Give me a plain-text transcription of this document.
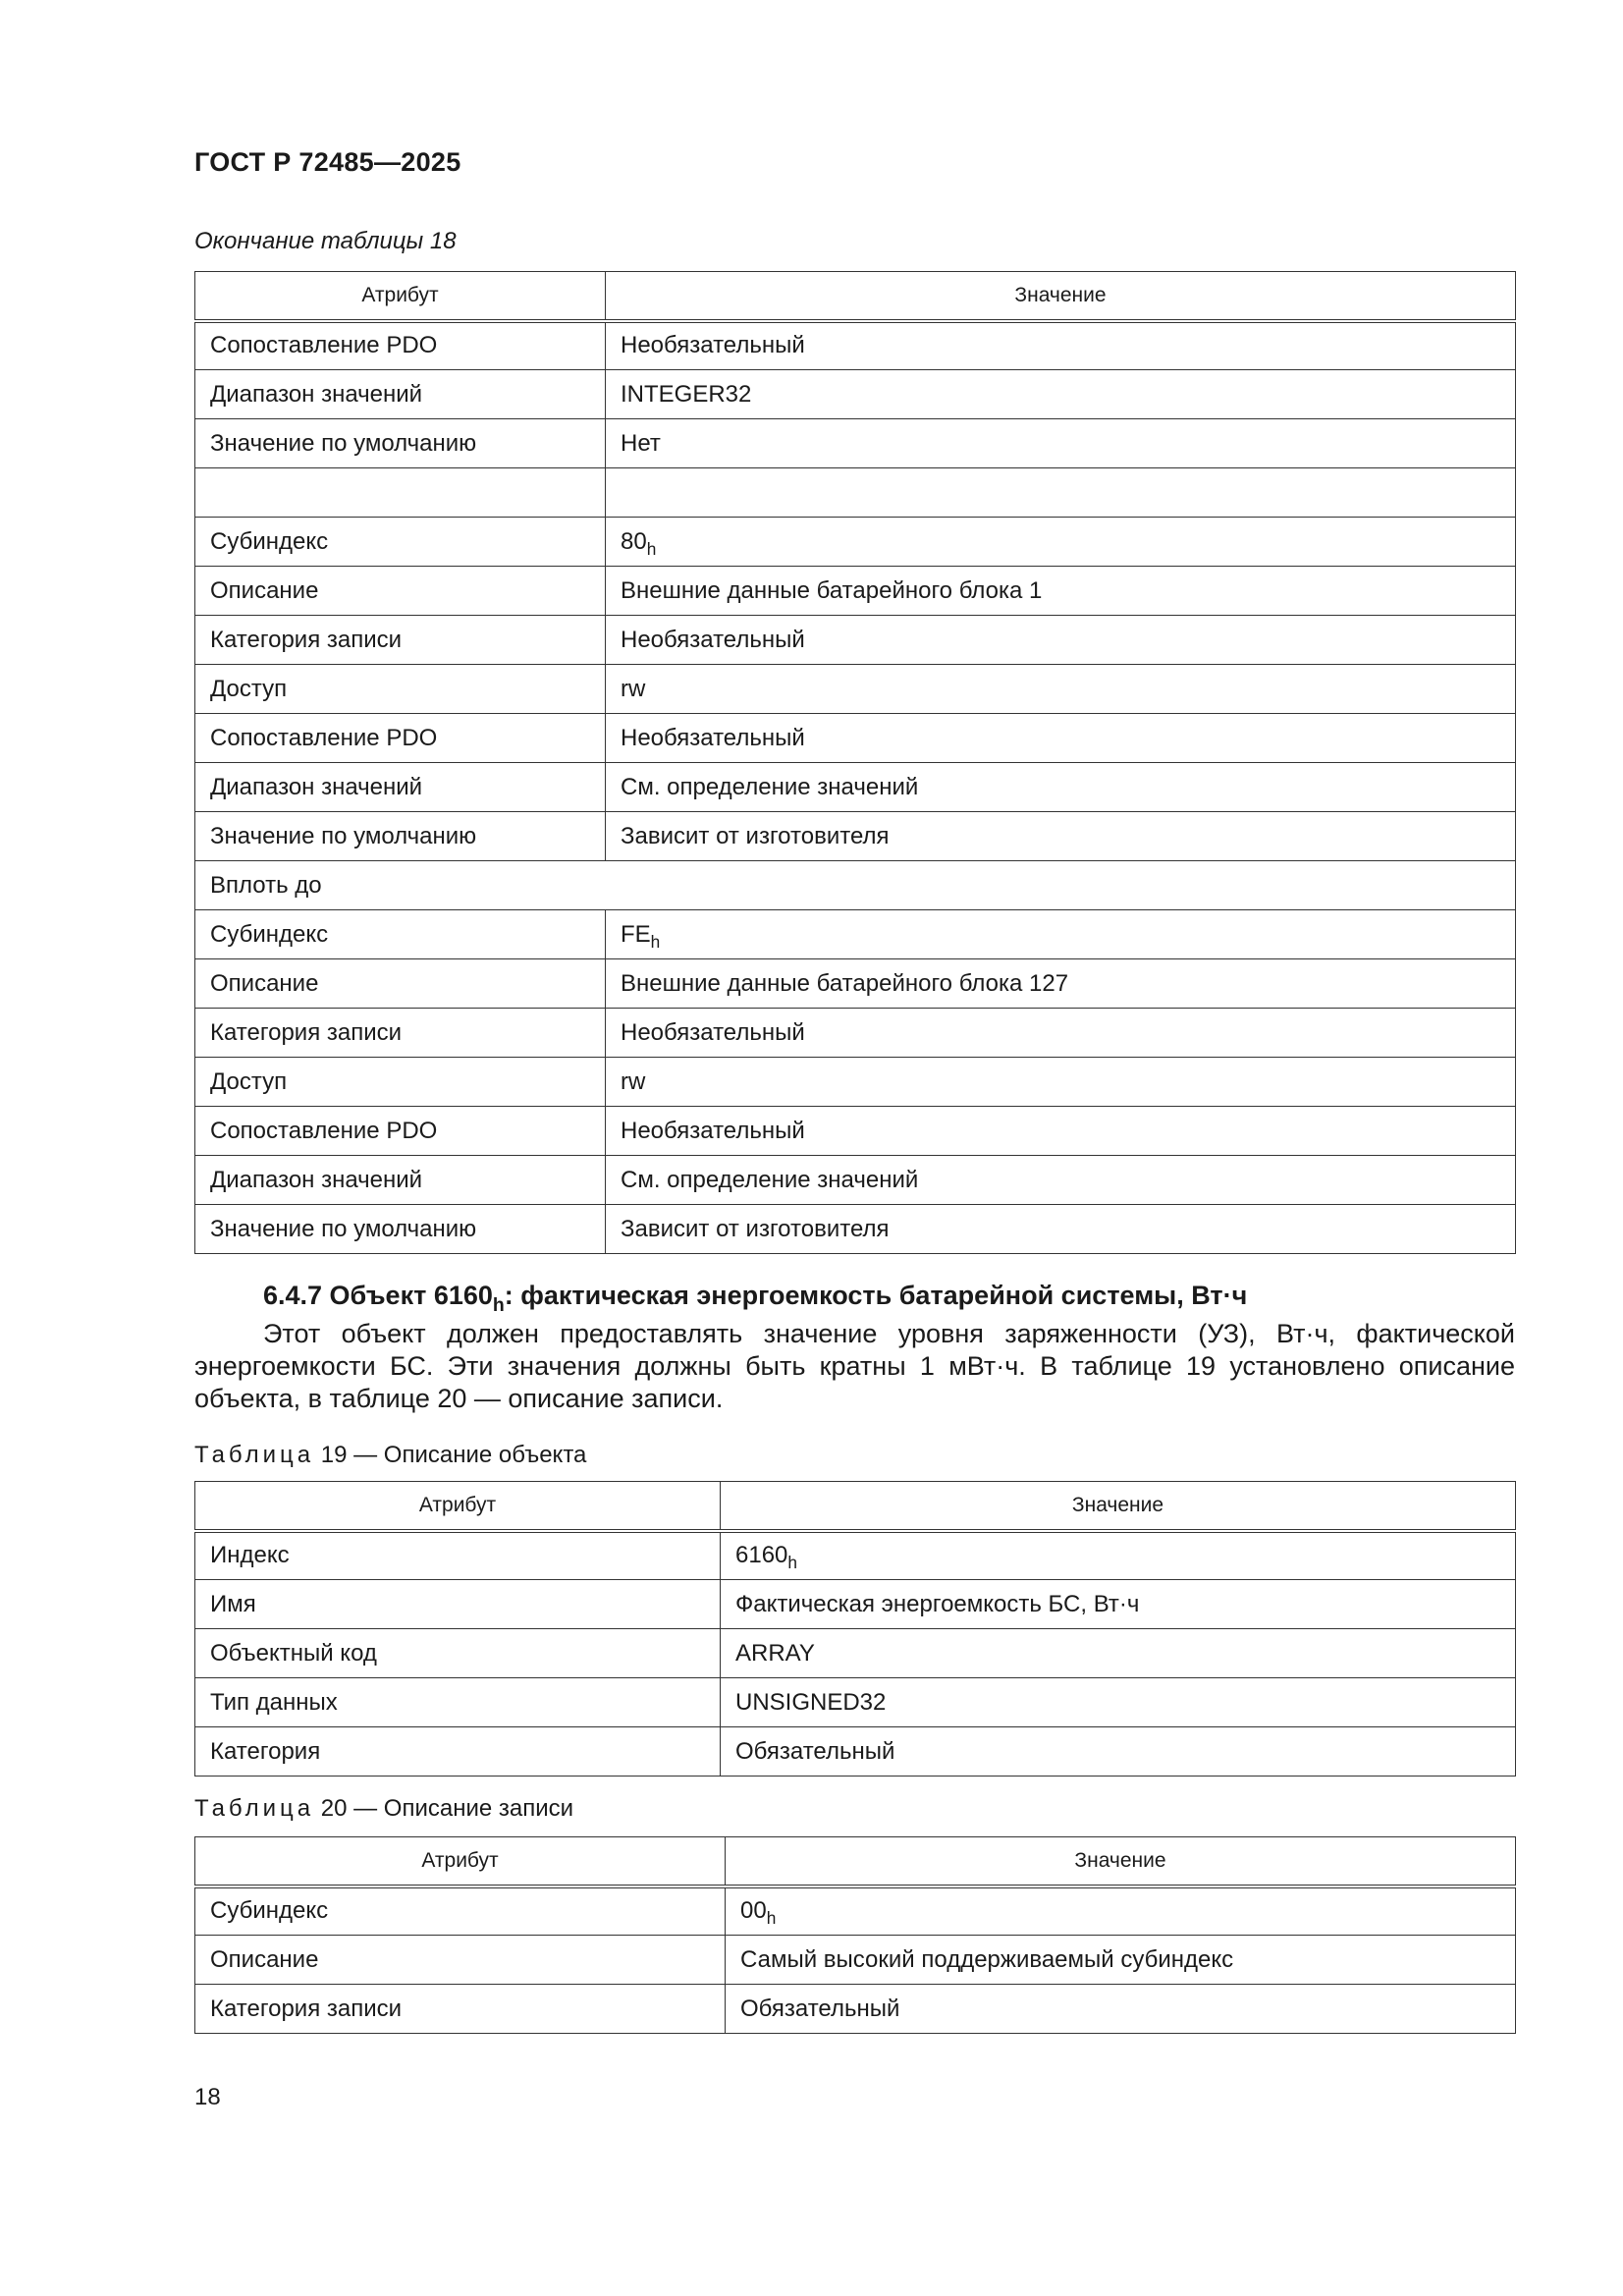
ГОСТ Р 72485—2025
Окончание таблицы 18
Атрибут	Значение
Сопоставление PDO	Необязательный
Диапазон значений	INTEGER32
Значение по умолчанию	Нет

Субиндекс	$80_h$
Описание	Внешние данные батарейного блока 1
Категория записи	Необязательный
Доступ	rw
Сопоставление PDO	Необязательный
Диапазон значений	См. определение значений
Значение по умолчанию	Зависит от изготовителя
Вплоть до	
Субиндекс	$FE_h$
Описание	Внешние данные батарейного блока 127
Категория записи	Необязательный
Доступ	rw
Сопоставление PDO	Необязательный
Диапазон значений	См. определение значений
Значение по умолчанию	Зависит от изготовителя
6.4.7 Объект $6160_h$: фактическая энергоемкость батарейной системы, Вт·ч
Этот объект должен предоставлять значение уровня заряженности (УЗ), Вт·ч, фактической энергоемкости БС. Эти значения должны быть кратны 1 мВт·ч. В таблице 19 установлено описание объекта, в таблице 20 — описание записи.
Таблица 19 — Описание объекта
Атрибут	Значение
Индекс	$6160_h$
Имя	Фактическая энергоемкость БС, Вт·ч
Объектный код	ARRAY
Тип данных	UNSIGNED32
Категория	Обязательный
Таблица 20 — Описание записи
Атрибут	Значение
Субиндекс	$00_h$
Описание	Самый высокий поддерживаемый субиндекс
Категория записи	Обязательный
18
